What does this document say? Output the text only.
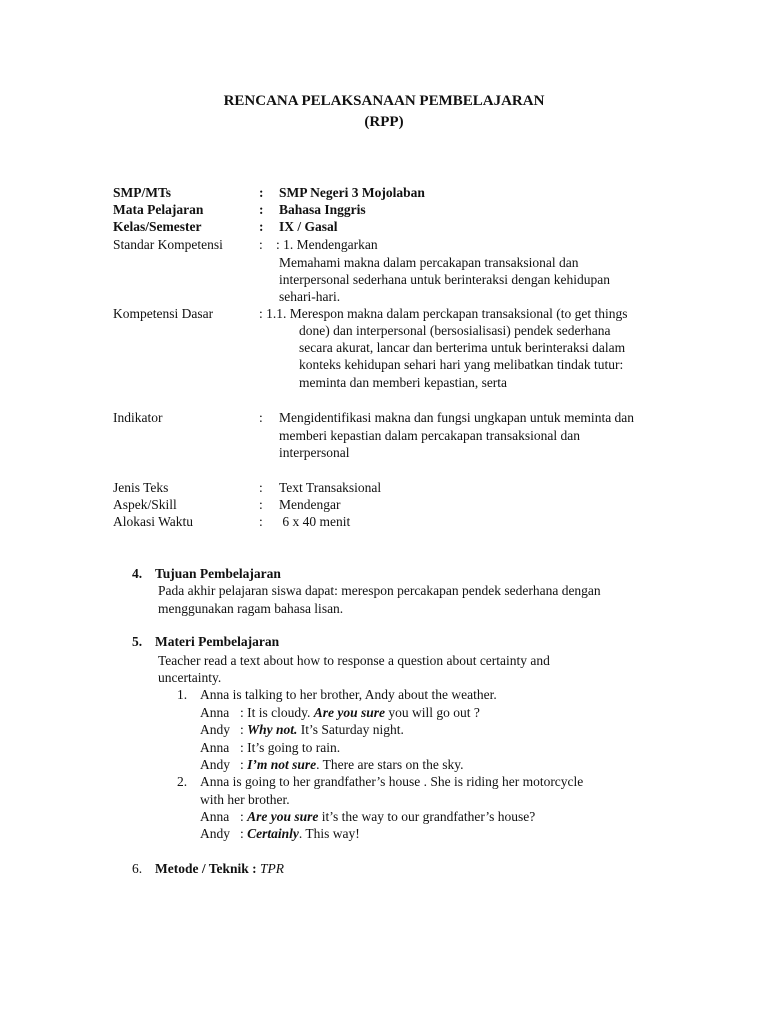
RENCANA PELAKSANAAN PEMBELAJARAN
(RPP)
SMP/MTs	: SMP Negeri 3 Mojolaban
Mata Pelajaran	: Bahasa Inggris
Kelas/Semester	: IX / Gasal
Standar Kompetensi	: : 1. Mendengarkan
Memahami makna dalam percakapan transaksional dan
interpersonal sederhana untuk berinteraksi dengan kehidupan
sehari-hari.
Kompetensi Dasar	: 1.1. Merespon makna dalam perckapan transaksional (to get things
done) dan interpersonal (bersosialisasi) pendek sederhana
secara akurat, lancar dan berterima untuk berinteraksi dalam
konteks kehidupan sehari hari yang melibatkan tindak tutur:
meminta dan memberi kepastian, serta
Indikator	: Mengidentifikasi makna dan fungsi ungkapan untuk meminta dan
memberi kepastian dalam percakapan transaksional dan
interpersonal
Jenis Teks	: Text Transaksional
Aspek/Skill	: Mendengar
Alokasi Waktu	: 6 x 40 menit
4. Tujuan Pembelajaran
Pada akhir pelajaran siswa dapat: merespon percakapan pendek sederhana dengan
menggunakan ragam bahasa lisan.
5. Materi Pembelajaran
Teacher read a text about how to response a question about certainty and
uncertainty.
1. Anna is talking to her brother, Andy about the weather.
Anna : It is cloudy. Are you sure you will go out ?
Andy : Why not. It’s Saturday night.
Anna : It’s going to rain.
Andy : I’m not sure. There are stars on the sky.
2. Anna is going to her grandfather’s house . She is riding her motorcycle
with her brother.
Anna : Are you sure it’s the way to our grandfather’s house?
Andy : Certainly. This way!
6. Metode / Teknik : TPR
